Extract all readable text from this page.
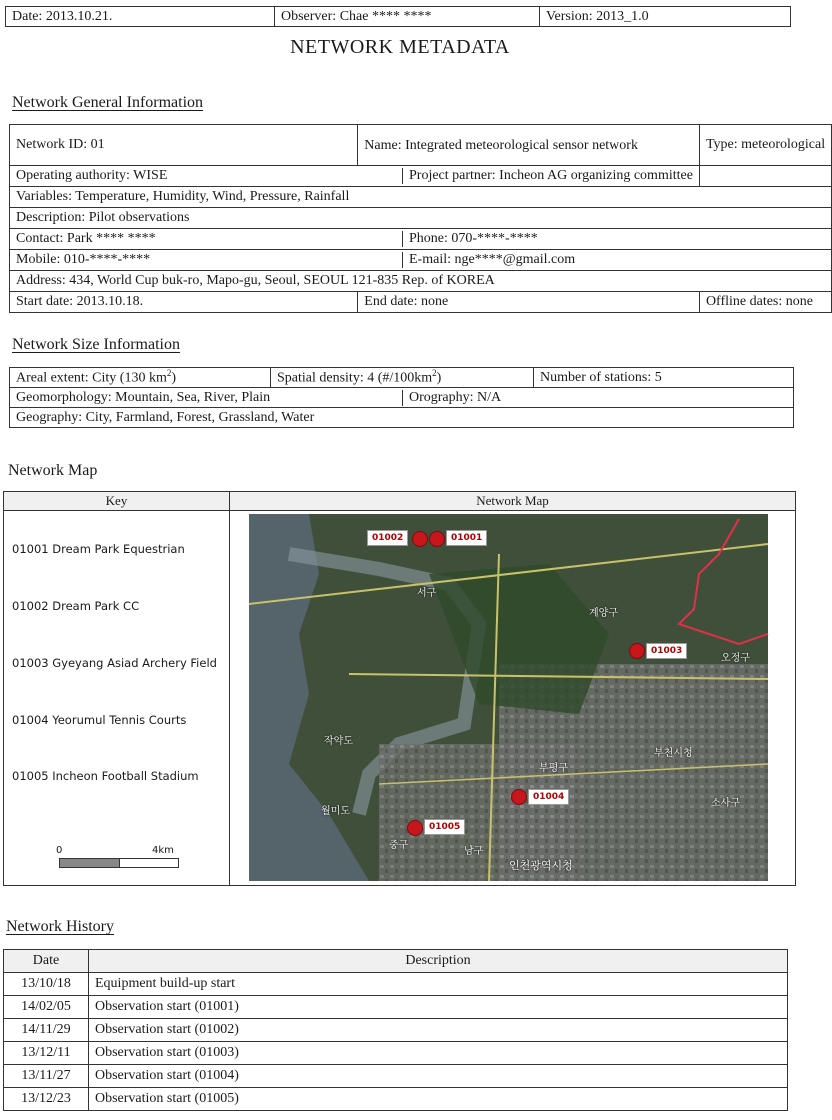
Date: 2013.10.21.	Observer: Chae **** ****	Version: 2013_1.0
NETWORK METADATA
Network General Information
Network ID: 01	Name: Integrated meteorological sensor network	Type: meteorological

Operating authority: WISE Project partner: Incheon AG organizing committee		

Variables: Temperature, Humidity, Wind, Pressure, Rainfall		
Description: Pilot observations		

Contact: Park **** **** Phone: 070-****-****		

Mobile: 010-****-**** E-mail: nge****@gmail.com		

Address: 434, World Cup buk-ro, Mapo-gu, Seoul, SEOUL 121-835 Rep. of KOREA		
Start date: 2013.10.18.	End date: none	Offline dates: none
Network Size Information
Areal extent: City (130 $km^2$)	Spatial density: 4 $(\#/100km^2)$	Number of stations: 5

Geomorphology: Mountain, Sea, River, Plain	Orography: N/A

Geography: City, Farmland, Forest, Grassland, Water
Network Map
Key	Network Map
01001 Dream Park Equestrian
01002 Dream Park CC
01003 Gyeyang Asiad Archery Field
01004 Yeorumul Tennis Courts
01005 Incheon Football Stadium
0	4km
서구
계양구
부평구
남구
중구
인천광역시청
작약도
월미도
부천시청
소사구
오정구
01002	01001
01003
01004
01005
Network History
Date	Description
13/10/18	Equipment build-up start
14/02/05	Observation start (01001)
14/11/29	Observation start (01002)
13/12/11	Observation start (01003)
13/11/27	Observation start (01004)
13/12/23	Observation start (01005)
